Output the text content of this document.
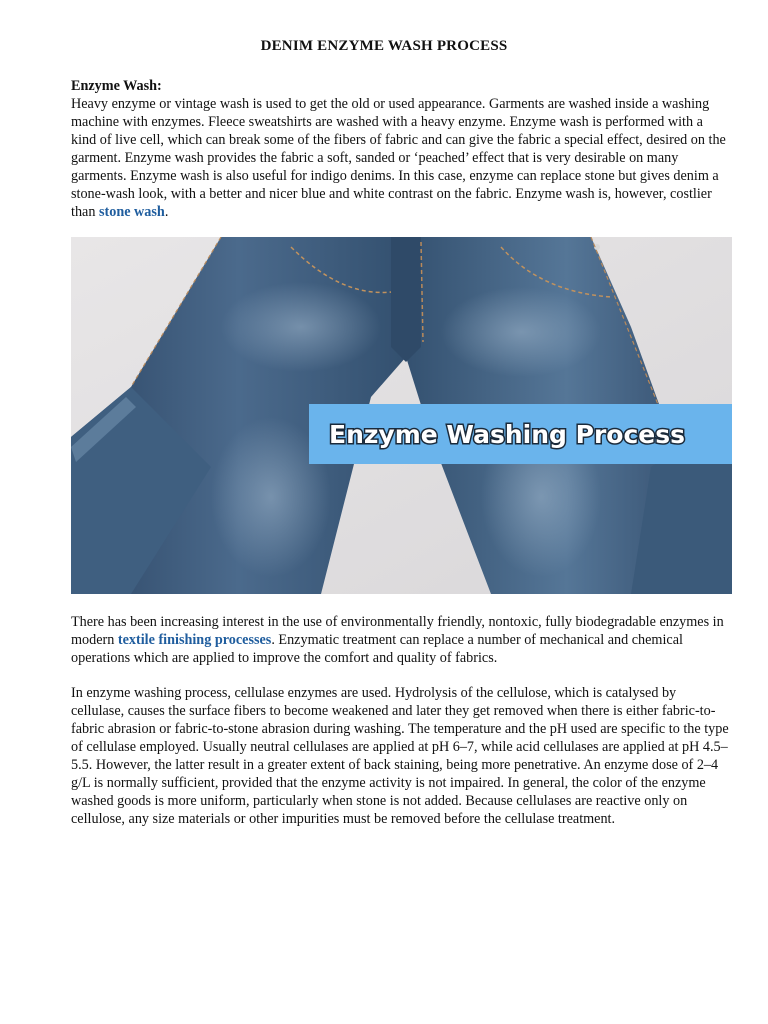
DENIM ENZYME WASH PROCESS

Enzyme Wash:

Heavy enzyme or vintage wash is used to get the old or used appearance. Garments are washed inside a washing machine with enzymes. Fleece sweatshirts are washed with a heavy enzyme. Enzyme wash is performed with a kind of live cell, which can break some of the fibers of fabric and can give the fabric a special effect, desired on the garment. Enzyme wash provides the fabric a soft, sanded or ‘peached’ effect that is very desirable on many garments. Enzyme wash is also useful for indigo denims. In this case, enzyme can replace stone but gives denim a stone-wash look, with a better and nicer blue and white contrast on the fabric. Enzyme wash is, however, costlier than stone wash.

Enzyme Washing Process

There has been increasing interest in the use of environmentally friendly, nontoxic, fully biodegradable enzymes in modern textile finishing processes. Enzymatic treatment can replace a number of mechanical and chemical operations which are applied to improve the comfort and quality of fabrics.

In enzyme washing process, cellulase enzymes are used. Hydrolysis of the cellulose, which is catalysed by cellulase, causes the surface fibers to become weakened and later they get removed when there is either fabric-to-fabric abrasion or fabric-to-stone abrasion during washing. The temperature and the pH used are specific to the type of cellulase employed. Usually neutral cellulases are applied at pH 6–7, while acid cellulases are applied at pH 4.5–5.5. However, the latter result in a greater extent of back staining, being more penetrative. An enzyme dose of 2–4 g/L is normally sufficient, provided that the enzyme activity is not impaired. In general, the color of the enzyme washed goods is more uniform, particularly when stone is not added. Because cellulases are reactive only on cellulose, any size materials or other impurities must be removed before the cellulase treatment.
